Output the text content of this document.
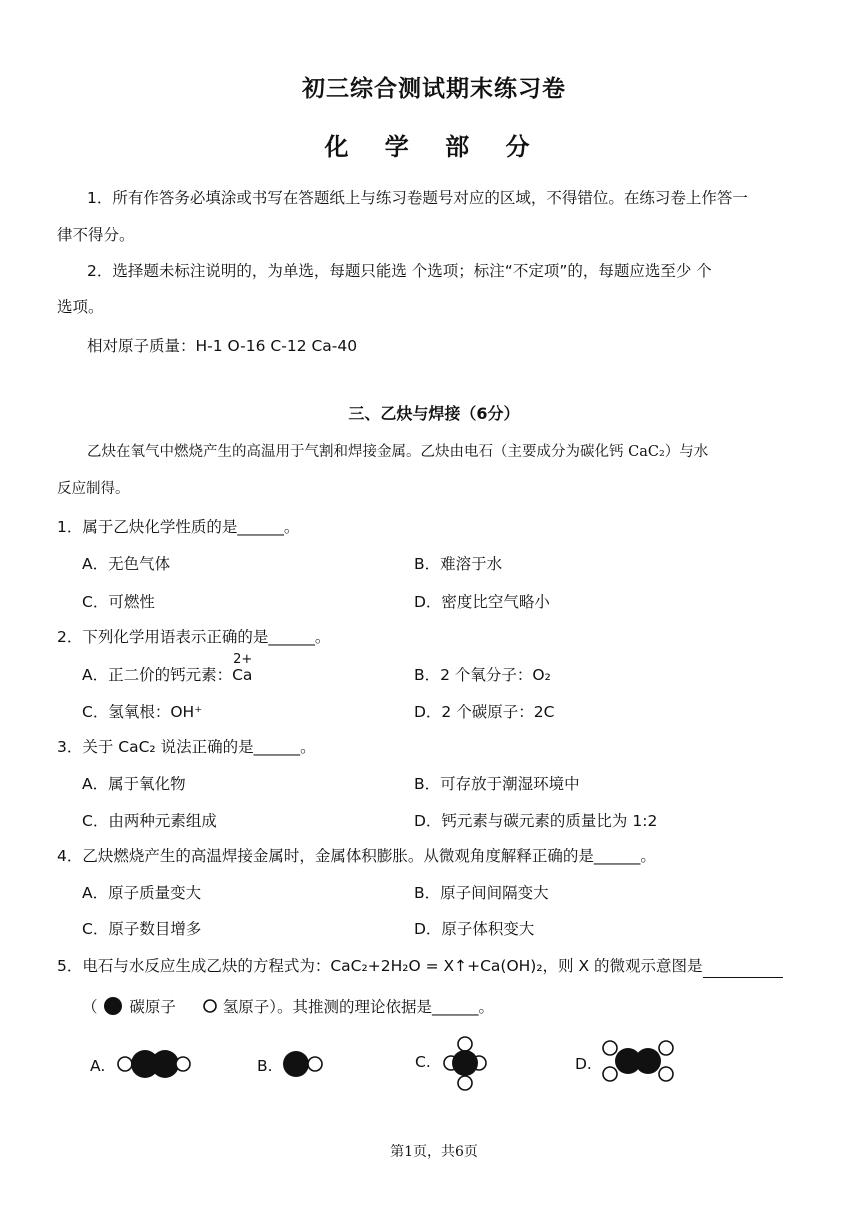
初三综合测试期末练习卷
化 学 部 分
1．所有作答务必填涂或书写在答题纸上与练习卷题号对应的区域，不得错位。在练习卷上作答一
律不得分。
2．选择题未标注说明的，为单选，每题只能选 个选项；标注“不定项”的，每题应选至少 个
选项。
相对原子质量：H-1 O-16 C-12 Ca-40
三、乙炔与焊接（6分）
乙炔在氧气中燃烧产生的高温用于气割和焊接金属。乙炔由电石（主要成分为碳化钙 CaC₂）与水
反应制得。
1．属于乙炔化学性质的是______。
A．无色气体	B．难溶于水
C．可燃性	D．密度比空气略小
2．下列化学用语表示正确的是______。
A．正二价的钙元素：
2+
Ca	B．2 个氧分子：O₂
C．氢氧根：OH⁺	D．2 个碳原子：2C
3．关于 CaC₂ 说法正确的是______。
A．属于氧化物	B．可存放于潮湿环境中
C．由两种元素组成	D．钙元素与碳元素的质量比为 1:2
4．乙炔燃烧产生的高温焊接金属时，金属体积膨胀。从微观角度解释正确的是______。
A．原子质量变大	B．原子间间隔变大
C．原子数目增多	D．原子体积变大
5．电石与水反应生成乙炔的方程式为：CaC₂+2H₂O = X↑+Ca(OH)₂，则 X 的微观示意图是
（ 碳原子	氢原子）。其推测的理论依据是______。
A.	B.	C.	D.
第1页，共6页
